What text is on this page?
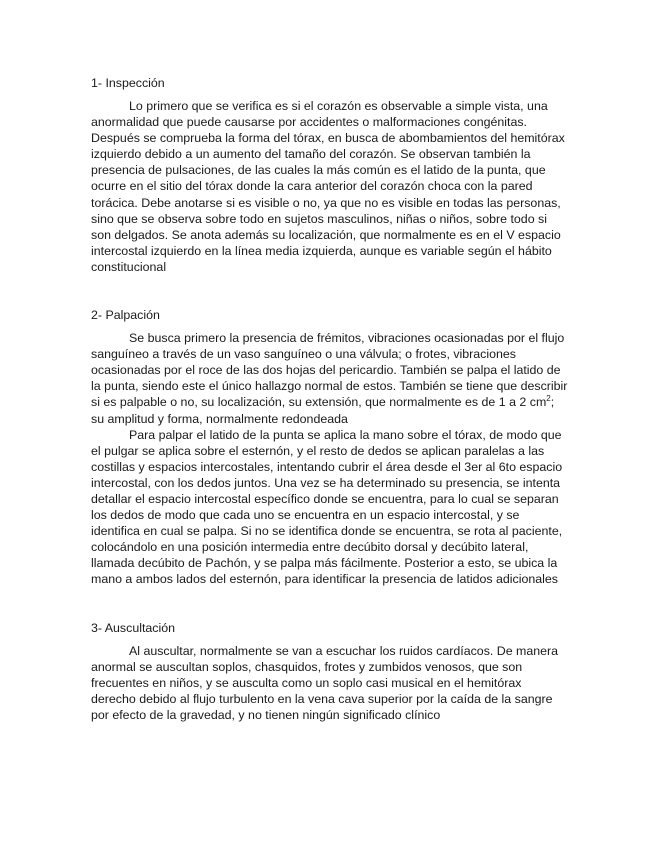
1- Inspección

Lo primero que se verifica es si el corazón es observable a simple vista, una anormalidad que puede causarse por accidentes o malformaciones congénitas. Después se comprueba la forma del tórax, en busca de abombamientos del hemitórax izquierdo debido a un aumento del tamaño del corazón. Se observan también la presencia de pulsaciones, de las cuales la más común es el latido de la punta, que ocurre en el sitio del tórax donde la cara anterior del corazón choca con la pared torácica. Debe anotarse si es visible o no, ya que no es visible en todas las personas, sino que se observa sobre todo en sujetos masculinos, niñas o niños, sobre todo si son delgados. Se anota además su localización, que normalmente es en el V espacio intercostal izquierdo en la línea media izquierda, aunque es variable según el hábito constitucional

2- Palpación

Se busca primero la presencia de frémitos, vibraciones ocasionadas por el flujo sanguíneo a través de un vaso sanguíneo o una válvula; o frotes, vibraciones ocasionadas por el roce de las dos hojas del pericardio. También se palpa el latido de la punta, siendo este el único hallazgo normal de estos. También se tiene que describir si es palpable o no, su localización, su extensión, que normalmente es de 1 a 2 $cm^2$; su amplitud y forma, normalmente redondeada

Para palpar el latido de la punta se aplica la mano sobre el tórax, de modo que el pulgar se aplica sobre el esternón, y el resto de dedos se aplican paralelas a las costillas y espacios intercostales, intentando cubrir el área desde el 3er al 6to espacio intercostal, con los dedos juntos. Una vez se ha determinado su presencia, se intenta detallar el espacio intercostal específico donde se encuentra, para lo cual se separan los dedos de modo que cada uno se encuentra en un espacio intercostal, y se identifica en cual se palpa. Si no se identifica donde se encuentra, se rota al paciente, colocándolo en una posición intermedia entre decúbito dorsal y decúbito lateral, llamada decúbito de Pachón, y se palpa más fácilmente. Posterior a esto, se ubica la mano a ambos lados del esternón, para identificar la presencia de latidos adicionales

3- Auscultación

Al auscultar, normalmente se van a escuchar los ruidos cardíacos. De manera anormal se auscultan soplos, chasquidos, frotes y zumbidos venosos, que son frecuentes en niños, y se ausculta como un soplo casi musical en el hemitórax derecho debido al flujo turbulento en la vena cava superior por la caída de la sangre por efecto de la gravedad, y no tienen ningún significado clínico
